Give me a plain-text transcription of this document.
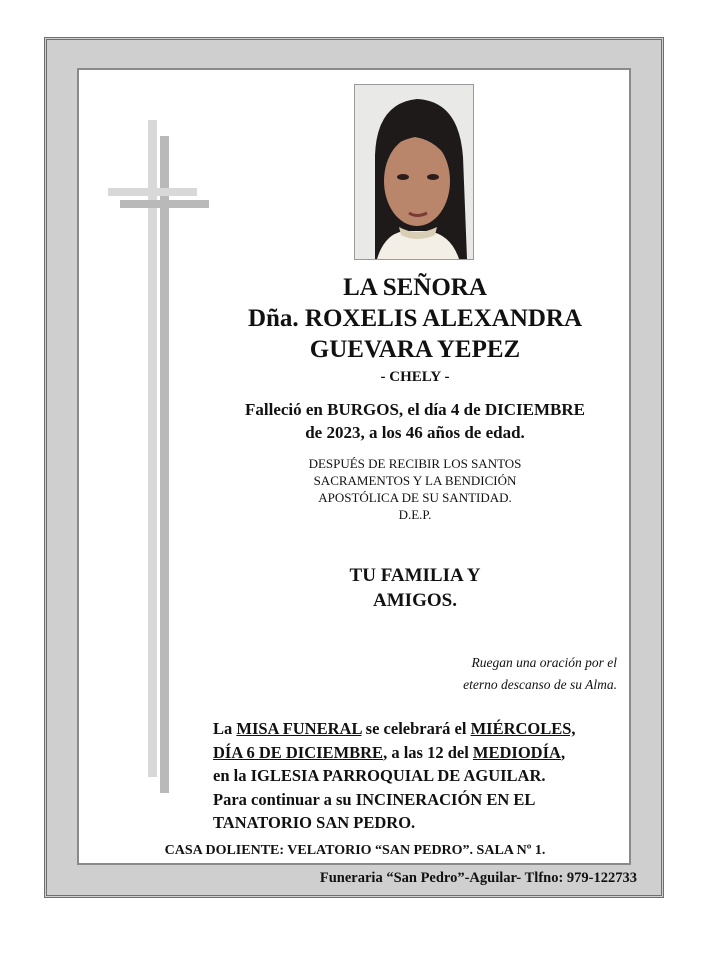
LA SEÑORA
Dña. ROXELIS ALEXANDRA
GUEVARA YEPEZ
- CHELY -
Falleció en BURGOS, el día 4 de DICIEMBRE
de 2023, a los 46 años de edad.
DESPUÉS DE RECIBIR LOS SANTOS
SACRAMENTOS Y LA BENDICIÓN
APOSTÓLICA DE SU SANTIDAD.
D.E.P.
TU FAMILIA Y
AMIGOS.
Ruegan una oración por el
eterno descanso de su Alma.
La MISA FUNERAL se celebrará el MIÉRCOLES,
DÍA 6 DE DICIEMBRE, a las 12 del MEDIODÍA,
en la IGLESIA PARROQUIAL DE AGUILAR.
Para continuar a su INCINERACIÓN EN EL
TANATORIO SAN PEDRO.
CASA DOLIENTE: VELATORIO “SAN PEDRO”. SALA Nº 1.
Funeraria “San Pedro”-Aguilar- Tlfno: 979-122733
